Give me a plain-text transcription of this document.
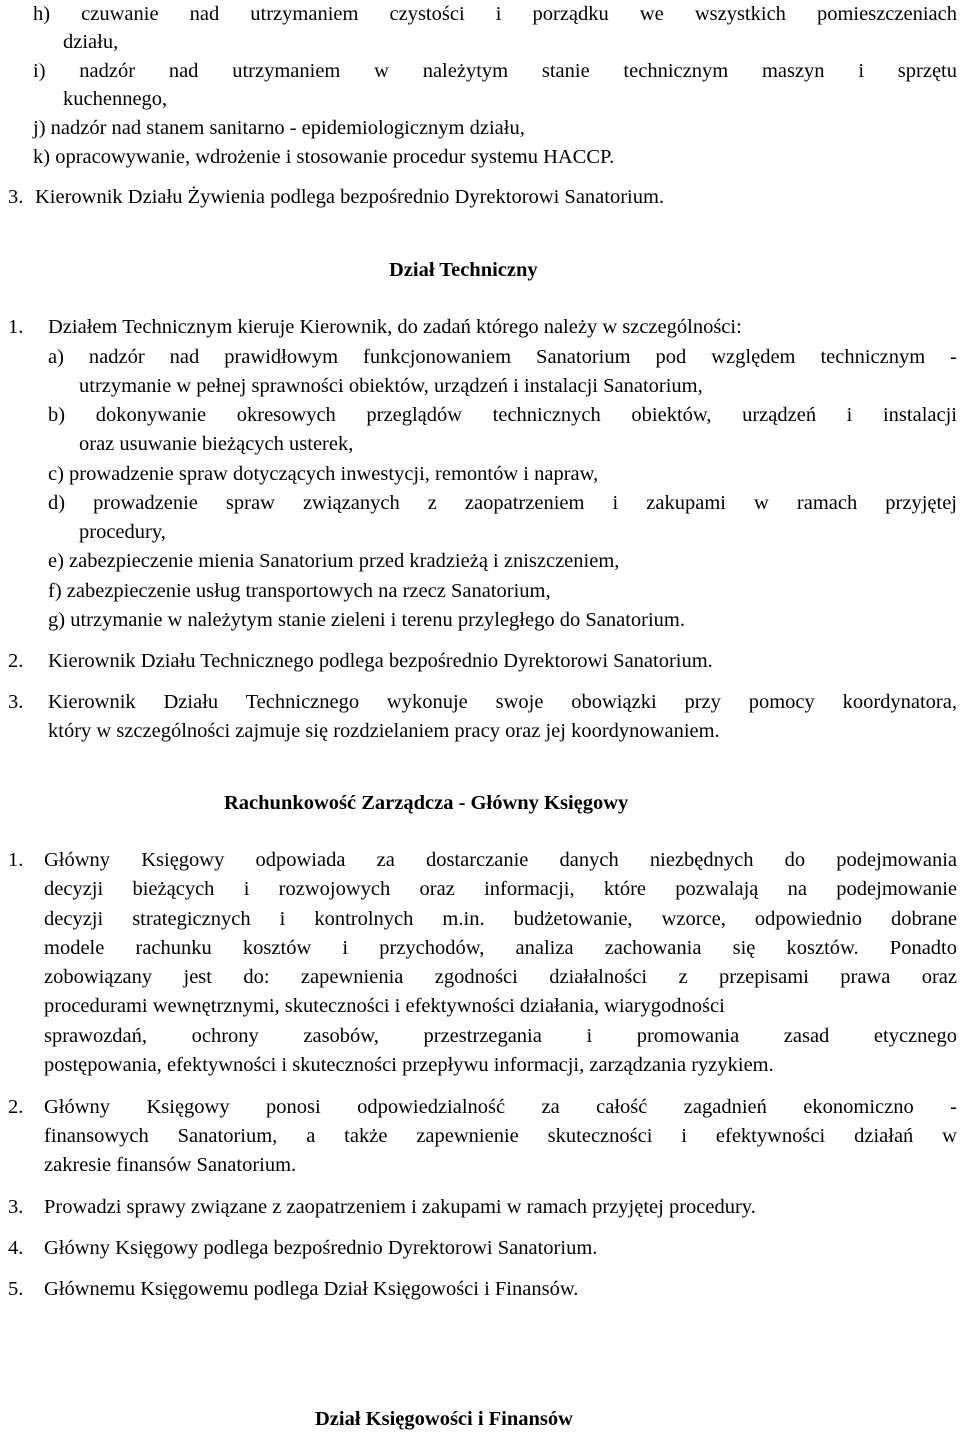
h) czuwanie nad utrzymaniem czystości i porządku we wszystkich pomieszczeniach

działu,

i) nadzór nad utrzymaniem w należytym stanie technicznym maszyn i sprzętu

kuchennego,

j) nadzór nad stanem sanitarno - epidemiologicznym działu,

k) opracowywanie, wdrożenie i stosowanie procedur systemu HACCP.

3. Kierownik Działu Żywienia podlega bezpośrednio Dyrektorowi Sanatorium.

Dział Techniczny

1. Działem Technicznym kieruje Kierownik, do zadań którego należy w szczególności:

a) nadzór nad prawidłowym funkcjonowaniem Sanatorium pod względem technicznym -

utrzymanie w pełnej sprawności obiektów, urządzeń i instalacji Sanatorium,

b) dokonywanie okresowych przeglądów technicznych obiektów, urządzeń i instalacji

oraz usuwanie bieżących usterek,

c) prowadzenie spraw dotyczących inwestycji, remontów i napraw,

d) prowadzenie spraw związanych z zaopatrzeniem i zakupami w ramach przyjętej

procedury,

e) zabezpieczenie mienia Sanatorium przed kradzieżą i zniszczeniem,

f) zabezpieczenie usług transportowych na rzecz Sanatorium,

g) utrzymanie w należytym stanie zieleni i terenu przyległego do Sanatorium.

2. Kierownik Działu Technicznego podlega bezpośrednio Dyrektorowi Sanatorium.

3. Kierownik Działu Technicznego wykonuje swoje obowiązki przy pomocy koordynatora,

który w szczególności zajmuje się rozdzielaniem pracy oraz jej koordynowaniem.

Rachunkowość Zarządcza - Główny Księgowy

1. Główny Księgowy odpowiada za dostarczanie danych niezbędnych do podejmowania

decyzji bieżących i rozwojowych oraz informacji, które pozwalają na podejmowanie

decyzji strategicznych i kontrolnych m.in. budżetowanie, wzorce, odpowiednio dobrane

modele rachunku kosztów i przychodów, analiza zachowania się kosztów. Ponadto

zobowiązany jest do: zapewnienia zgodności działalności z przepisami prawa oraz

procedurami wewnętrznymi, skuteczności i efektywności działania, wiarygodności

sprawozdań, ochrony zasobów, przestrzegania i promowania zasad etycznego

postępowania, efektywności i skuteczności przepływu informacji, zarządzania ryzykiem.

2. Główny Księgowy ponosi odpowiedzialność za całość zagadnień ekonomiczno -

finansowych Sanatorium, a także zapewnienie skuteczności i efektywności działań w

zakresie finansów Sanatorium.

3. Prowadzi sprawy związane z zaopatrzeniem i zakupami w ramach przyjętej procedury.

4. Główny Księgowy podlega bezpośrednio Dyrektorowi Sanatorium.

5. Głównemu Księgowemu podlega Dział Księgowości i Finansów.

Dział Księgowości i Finansów
